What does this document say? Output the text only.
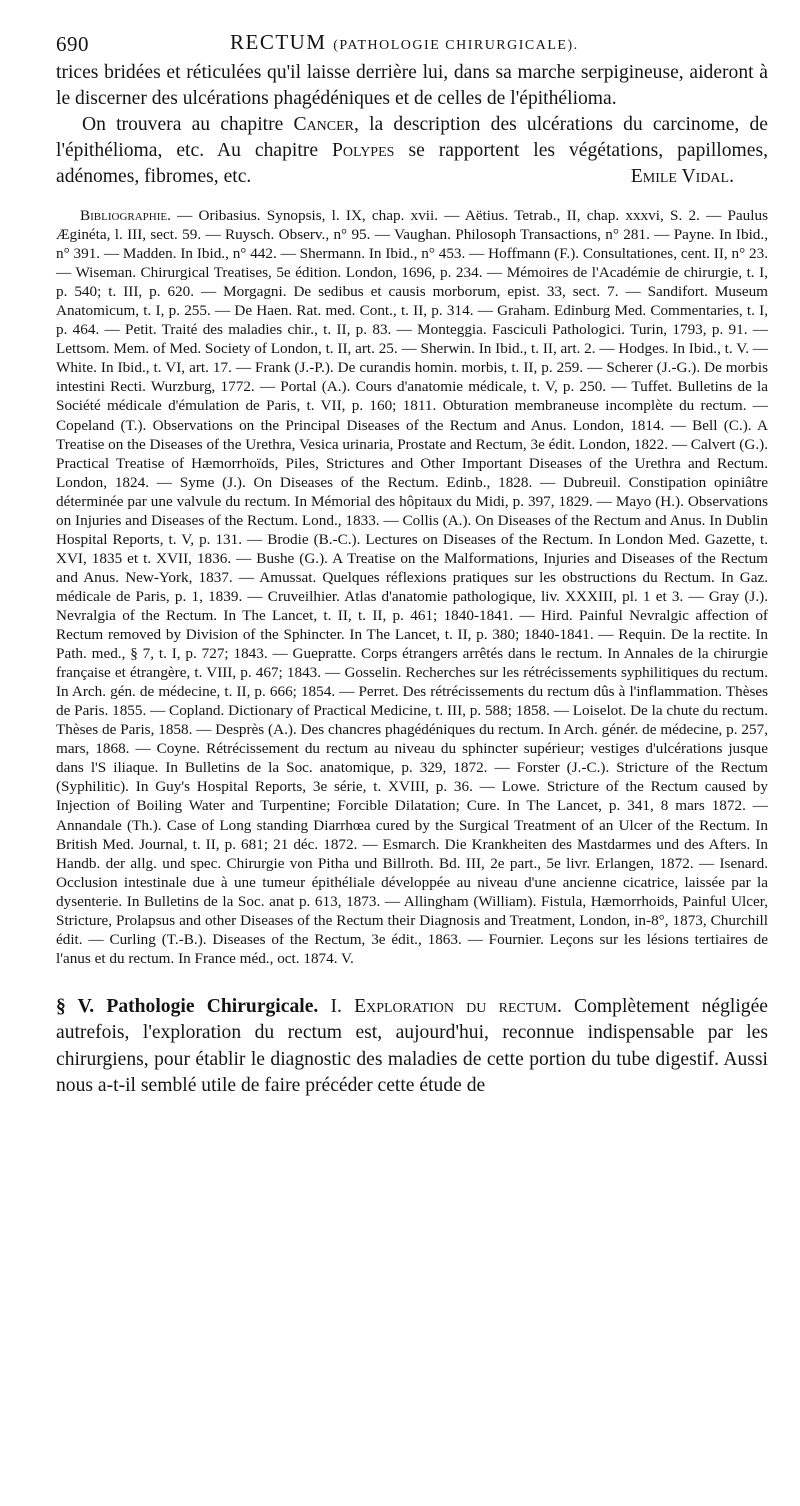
690	RECTUM (PATHOLOGIE CHIRURGICALE).

trices bridées et réticulées qu'il laisse derrière lui, dans sa marche serpigineuse, aideront à le discerner des ulcérations phagédéniques et de celles de l'épithélioma.

On trouvera au chapitre Cancer, la description des ulcérations du carcinome, de l'épithélioma, etc. Au chapitre Polypes se rapportent les végétations, papillomes, adénomes, fibromes, etc.	Emile Vidal.

Bibliographie. — Oribasius. Synopsis, l. IX, chap. xvii. — Aëtius. Tetrab., II, chap. xxxvi, S. 2. — Paulus Æginéta, l. III, sect. 59. — Ruysch. Observ., n° 95. — Vaughan. Philosoph Transactions, n° 281. — Payne. In Ibid., n° 391. — Madden. In Ibid., n° 442. — Shermann. In Ibid., n° 453. — Hoffmann (F.). Consultationes, cent. II, n° 23. — Wiseman. Chirurgical Treatises, 5e édition. London, 1696, p. 234. — Mémoires de l'Académie de chirurgie, t. I, p. 540; t. III, p. 620. — Morgagni. De sedibus et causis morborum, epist. 33, sect. 7. — Sandifort. Museum Anatomicum, t. I, p. 255. — De Haen. Rat. med. Cont., t. II, p. 314. — Graham. Edinburg Med. Commentaries, t. I, p. 464. — Petit. Traité des maladies chir., t. II, p. 83. — Monteggia. Fasciculi Pathologici. Turin, 1793, p. 91. — Lettsom. Mem. of Med. Society of London, t. II, art. 25. — Sherwin. In Ibid., t. II, art. 2. — Hodges. In Ibid., t. V. — White. In Ibid., t. VI, art. 17. — Frank (J.-P.). De curandis homin. morbis, t. II, p. 259. — Scherer (J.-G.). De morbis intestini Recti. Wurzburg, 1772. — Portal (A.). Cours d'anatomie médicale, t. V, p. 250. — Tuffet. Bulletins de la Société médicale d'émulation de Paris, t. VII, p. 160; 1811. Obturation membraneuse incomplète du rectum. — Copeland (T.). Observations on the Principal Diseases of the Rectum and Anus. London, 1814. — Bell (C.). A Treatise on the Diseases of the Urethra, Vesica urinaria, Prostate and Rectum, 3e édit. London, 1822. — Calvert (G.). Practical Treatise of Hæmorrhoïds, Piles, Strictures and Other Important Diseases of the Urethra and Rectum. London, 1824. — Syme (J.). On Diseases of the Rectum. Edinb., 1828. — Dubreuil. Constipation opiniâtre déterminée par une valvule du rectum. In Mémorial des hôpitaux du Midi, p. 397, 1829. — Mayo (H.). Observations on Injuries and Diseases of the Rectum. Lond., 1833. — Collis (A.). On Diseases of the Rectum and Anus. In Dublin Hospital Reports, t. V, p. 131. — Brodie (B.-C.). Lectures on Diseases of the Rectum. In London Med. Gazette, t. XVI, 1835 et t. XVII, 1836. — Bushe (G.). A Treatise on the Malformations, Injuries and Diseases of the Rectum and Anus. New-York, 1837. — Amussat. Quelques réflexions pratiques sur les obstructions du Rectum. In Gaz. médicale de Paris, p. 1, 1839. — Cruveilhier. Atlas d'anatomie pathologique, liv. XXXIII, pl. 1 et 3. — Gray (J.). Nevralgia of the Rectum. In The Lancet, t. II, t. II, p. 461; 1840-1841. — Hird. Painful Nevralgic affection of Rectum removed by Division of the Sphincter. In The Lancet, t. II, p. 380; 1840-1841. — Requin. De la rectite. In Path. med., § 7, t. I, p. 727; 1843. — Guepratte. Corps étrangers arrêtés dans le rectum. In Annales de la chirurgie française et étrangère, t. VIII, p. 467; 1843. — Gosselin. Recherches sur les rétrécissements syphilitiques du rectum. In Arch. gén. de médecine, t. II, p. 666; 1854. — Perret. Des rétrécissements du rectum dûs à l'inflammation. Thèses de Paris. 1855. — Copland. Dictionary of Practical Medicine, t. III, p. 588; 1858. — Loiselot. De la chute du rectum. Thèses de Paris, 1858. — Desprès (A.). Des chancres phagédéniques du rectum. In Arch. génér. de médecine, p. 257, mars, 1868. — Coyne. Rétrécissement du rectum au niveau du sphincter supérieur; vestiges d'ulcérations jusque dans l'S iliaque. In Bulletins de la Soc. anatomique, p. 329, 1872. — Forster (J.-C.). Stricture of the Rectum (Syphilitic). In Guy's Hospital Reports, 3e série, t. XVIII, p. 36. — Lowe. Stricture of the Rectum caused by Injection of Boiling Water and Turpentine; Forcible Dilatation; Cure. In The Lancet, p. 341, 8 mars 1872. — Annandale (Th.). Case of Long standing Diarrhœa cured by the Surgical Treatment of an Ulcer of the Rectum. In British Med. Journal, t. II, p. 681; 21 déc. 1872. — Esmarch. Die Krankheiten des Mastdarmes und des Afters. In Handb. der allg. und spec. Chirurgie von Pitha und Billroth. Bd. III, 2e part., 5e livr. Erlangen, 1872. — Isenard. Occlusion intestinale due à une tumeur épithéliale développée au niveau d'une ancienne cicatrice, laissée par la dysenterie. In Bulletins de la Soc. anat p. 613, 1873. — Allingham (William). Fistula, Hæmorrhoids, Painful Ulcer, Stricture, Prolapsus and other Diseases of the Rectum their Diagnosis and Treatment, London, in-8°, 1873, Churchill édit. — Curling (T.-B.). Diseases of the Rectum, 3e édit., 1863. — Fournier. Leçons sur les lésions tertiaires de l'anus et du rectum. In France méd., oct. 1874. V.
§ V. Pathologie Chirurgicale. I. Exploration du rectum. Complètement négligée autrefois, l'exploration du rectum est, aujourd'hui, reconnue indispensable par les chirurgiens, pour établir le diagnostic des maladies de cette portion du tube digestif. Aussi nous a-t-il semblé utile de faire précéder cette étude de
